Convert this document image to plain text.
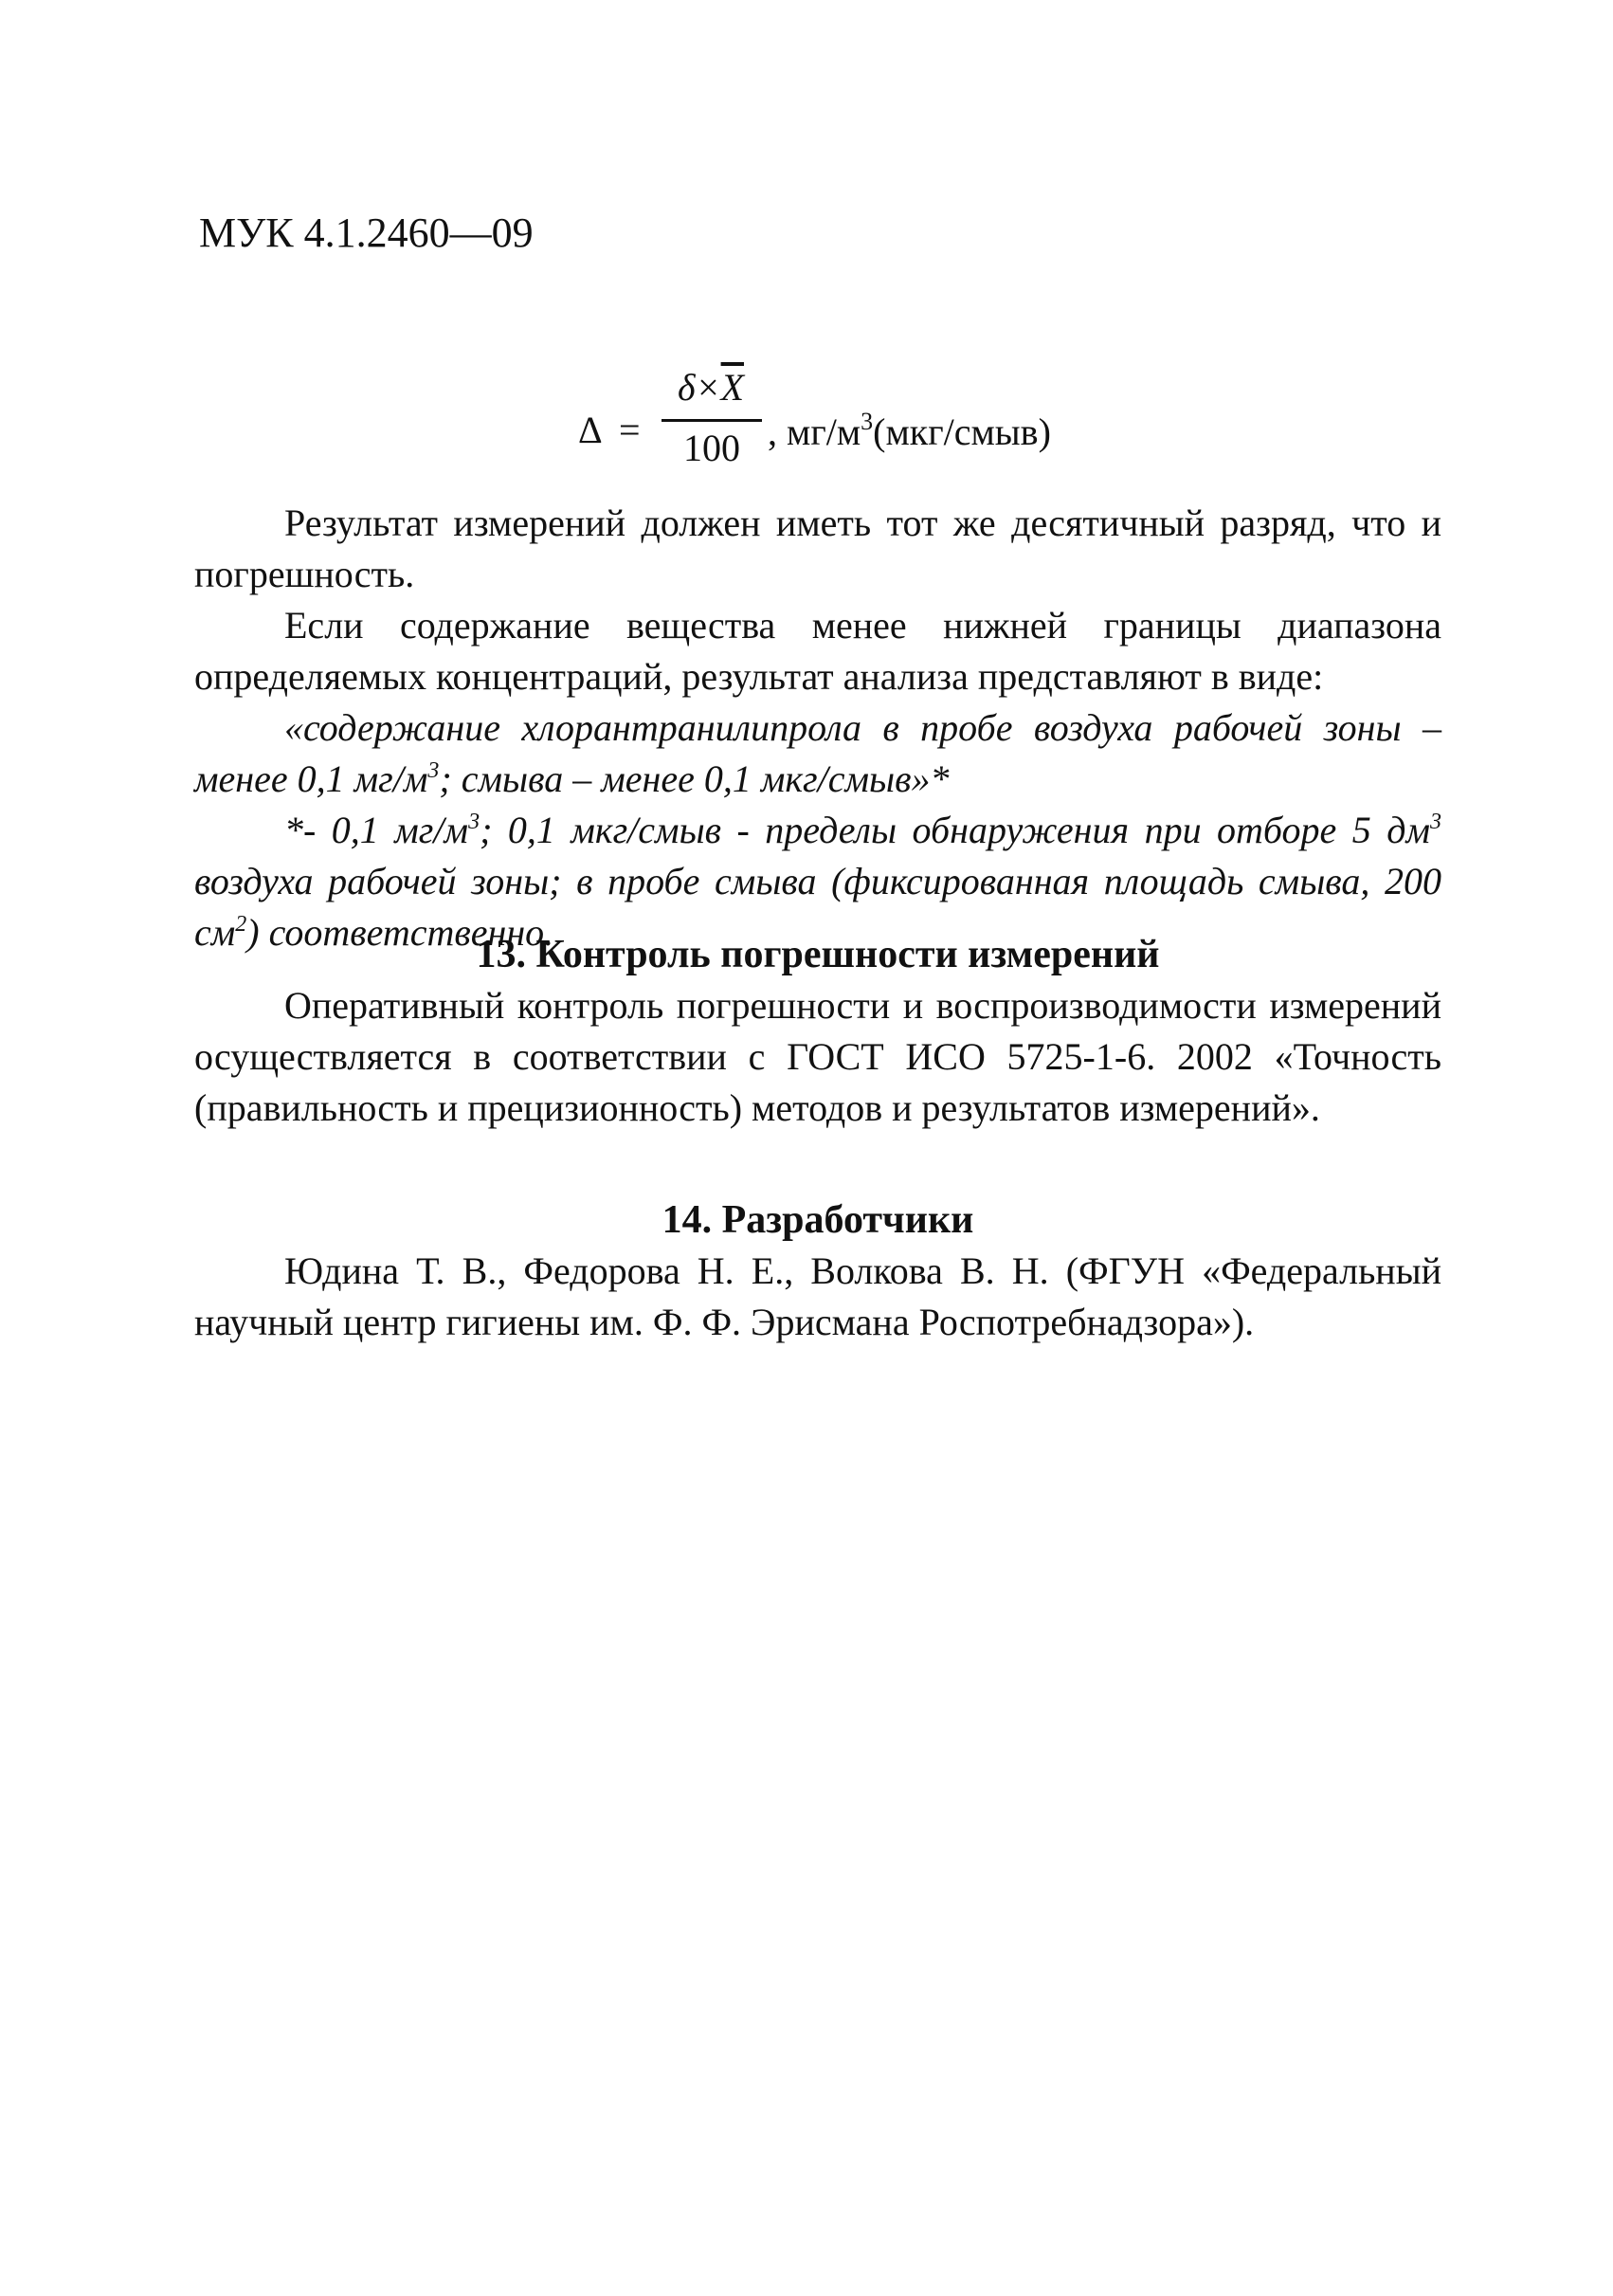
МУК 4.1.2460—09
Δ =
$\delta\times\overline{X}$
100 , $мг/м^3(мкг/смыв)$

Результат измерений должен иметь тот же десятичный разряд, что и погрешность.

Если содержание вещества менее нижней границы диапазона определяемых концентраций, результат анализа представляют в виде:

«содержание хлорантранилипрола в пробе воздуха рабочей зоны – менее 0,1 $мг/м^3$; смыва – менее 0,1 мкг/смыв»*

*- 0,1 $мг/м^3$; 0,1 мкг/смыв - пределы обнаружения при отборе 5 $дм^3$ воздуха рабочей зоны; в пробе смыва (фиксированная площадь смыва, 200 $см^2$) соответственно.

13. Контроль погрешности измерений

Оперативный контроль погрешности и воспроизводимости измерений осуществляется в соответствии с ГОСТ ИСО 5725-1-6. 2002 «Точность (правильность и прецизионность) методов и результатов измерений».

14. Разработчики

Юдина Т. В., Федорова Н. Е., Волкова В. Н. (ФГУН «Федеральный научный центр гигиены им. Ф. Ф. Эрисмана Роспотребнадзора»).
